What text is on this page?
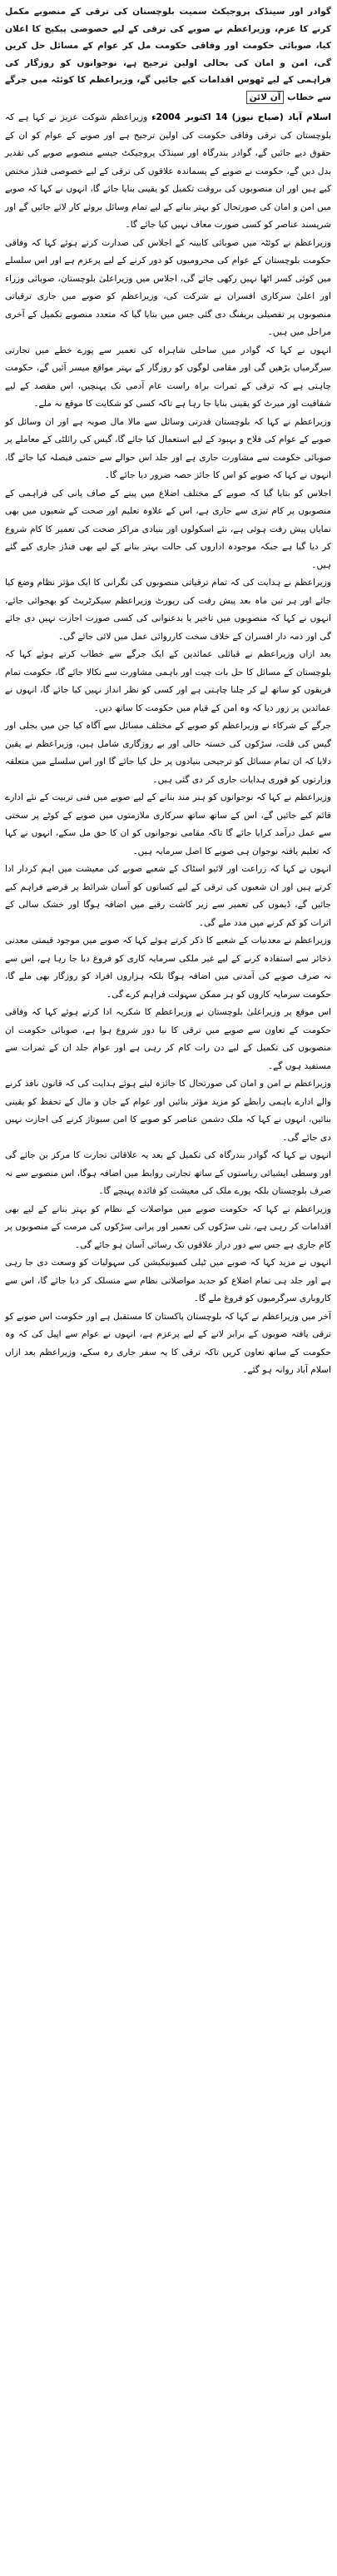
گوادر اور سینڈک پروجیکٹ سمیت بلوچستان کی ترقی کے منصوبے مکمل کرنے کا عزم، وزیراعظم نے صوبے کی ترقی کے لیے خصوصی پیکیج کا اعلان کیا، صوبائی حکومت اور وفاقی حکومت مل کر عوام کے مسائل حل کریں گی، امن و امان کی بحالی اولین ترجیح ہے، نوجوانوں کو روزگار کی فراہمی کے لیے ٹھوس اقدامات کیے جائیں گے، وزیراعظم کا کوئٹہ میں جرگے سے خطاب آن لائن

اسلام آباد (صباح نیوز) 14 اکتوبر 2004ء وزیراعظم شوکت عزیز نے کہا ہے کہ بلوچستان کی ترقی وفاقی حکومت کی اولین ترجیح ہے اور صوبے کے عوام کو ان کے حقوق دیے جائیں گے، گوادر بندرگاہ اور سینڈک پروجیکٹ جیسے منصوبے صوبے کی تقدیر بدل دیں گے، حکومت نے صوبے کے پسماندہ علاقوں کی ترقی کے لیے خصوصی فنڈز مختص کیے ہیں اور ان منصوبوں کی بروقت تکمیل کو یقینی بنایا جائے گا، انہوں نے کہا کہ صوبے میں امن و امان کی صورتحال کو بہتر بنانے کے لیے تمام وسائل بروئے کار لائے جائیں گے اور شرپسند عناصر کو کسی صورت معاف نہیں کیا جائے گا۔

وزیراعظم نے کوئٹہ میں صوبائی کابینہ کے اجلاس کی صدارت کرتے ہوئے کہا کہ وفاقی حکومت بلوچستان کے عوام کی محرومیوں کو دور کرنے کے لیے پرعزم ہے اور اس سلسلے میں کوئی کسر اٹھا نہیں رکھی جائے گی، اجلاس میں وزیراعلیٰ بلوچستان، صوبائی وزراء اور اعلیٰ سرکاری افسران نے شرکت کی، وزیراعظم کو صوبے میں جاری ترقیاتی منصوبوں پر تفصیلی بریفنگ دی گئی جس میں بتایا گیا کہ متعدد منصوبے تکمیل کے آخری مراحل میں ہیں۔

انہوں نے کہا کہ گوادر میں ساحلی شاہراہ کی تعمیر سے پورے خطے میں تجارتی سرگرمیاں بڑھیں گی اور مقامی لوگوں کو روزگار کے بہتر مواقع میسر آئیں گے، حکومت چاہتی ہے کہ ترقی کے ثمرات براہ راست عام آدمی تک پہنچیں، اس مقصد کے لیے شفافیت اور میرٹ کو یقینی بنایا جا رہا ہے تاکہ کسی کو شکایت کا موقع نہ ملے۔

وزیراعظم نے کہا کہ بلوچستان قدرتی وسائل سے مالا مال صوبہ ہے اور ان وسائل کو صوبے کے عوام کی فلاح و بہبود کے لیے استعمال کیا جائے گا، گیس کی رائلٹی کے معاملے پر صوبائی حکومت سے مشاورت جاری ہے اور جلد اس حوالے سے حتمی فیصلہ کیا جائے گا، انہوں نے کہا کہ صوبے کو اس کا جائز حصہ ضرور دیا جائے گا۔

اجلاس کو بتایا گیا کہ صوبے کے مختلف اضلاع میں پینے کے صاف پانی کی فراہمی کے منصوبوں پر کام تیزی سے جاری ہے، اس کے علاوہ تعلیم اور صحت کے شعبوں میں بھی نمایاں پیش رفت ہوئی ہے، نئے اسکولوں اور بنیادی مراکز صحت کی تعمیر کا کام شروع کر دیا گیا ہے جبکہ موجودہ اداروں کی حالت بہتر بنانے کے لیے بھی فنڈز جاری کیے گئے ہیں۔

وزیراعظم نے ہدایت کی کہ تمام ترقیاتی منصوبوں کی نگرانی کا ایک مؤثر نظام وضع کیا جائے اور ہر تین ماہ بعد پیش رفت کی رپورٹ وزیراعظم سیکرٹریٹ کو بھجوائی جائے، انہوں نے کہا کہ منصوبوں میں تاخیر یا بدعنوانی کی کسی صورت اجازت نہیں دی جائے گی اور ذمہ دار افسران کے خلاف سخت کارروائی عمل میں لائی جائے گی۔

بعد ازاں وزیراعظم نے قبائلی عمائدین کے ایک جرگے سے خطاب کرتے ہوئے کہا کہ بلوچستان کے مسائل کا حل بات چیت اور باہمی مشاورت سے نکالا جائے گا، حکومت تمام فریقوں کو ساتھ لے کر چلنا چاہتی ہے اور کسی کو نظر انداز نہیں کیا جائے گا، انہوں نے عمائدین پر زور دیا کہ وہ امن کے قیام میں حکومت کا ساتھ دیں۔

جرگے کے شرکاء نے وزیراعظم کو صوبے کے مختلف مسائل سے آگاہ کیا جن میں بجلی اور گیس کی قلت، سڑکوں کی خستہ حالی اور بے روزگاری شامل ہیں، وزیراعظم نے یقین دلایا کہ ان تمام مسائل کو ترجیحی بنیادوں پر حل کیا جائے گا اور اس سلسلے میں متعلقہ وزارتوں کو فوری ہدایات جاری کر دی گئی ہیں۔

وزیراعظم نے کہا کہ نوجوانوں کو ہنر مند بنانے کے لیے صوبے میں فنی تربیت کے نئے ادارے قائم کیے جائیں گے، اس کے ساتھ ساتھ سرکاری ملازمتوں میں صوبے کے کوٹے پر سختی سے عمل درآمد کرایا جائے گا تاکہ مقامی نوجوانوں کو ان کا حق مل سکے، انہوں نے کہا کہ تعلیم یافتہ نوجوان ہی صوبے کا اصل سرمایہ ہیں۔

انہوں نے کہا کہ زراعت اور لائیو اسٹاک کے شعبے صوبے کی معیشت میں اہم کردار ادا کرتے ہیں اور ان شعبوں کی ترقی کے لیے کسانوں کو آسان شرائط پر قرضے فراہم کیے جائیں گے، ڈیموں کی تعمیر سے زیر کاشت رقبے میں اضافہ ہوگا اور خشک سالی کے اثرات کو کم کرنے میں مدد ملے گی۔

وزیراعظم نے معدنیات کے شعبے کا ذکر کرتے ہوئے کہا کہ صوبے میں موجود قیمتی معدنی ذخائر سے استفادہ کرنے کے لیے غیر ملکی سرمایہ کاری کو فروغ دیا جا رہا ہے، اس سے نہ صرف صوبے کی آمدنی میں اضافہ ہوگا بلکہ ہزاروں افراد کو روزگار بھی ملے گا، حکومت سرمایہ کاروں کو ہر ممکن سہولت فراہم کرے گی۔

اس موقع پر وزیراعلیٰ بلوچستان نے وزیراعظم کا شکریہ ادا کرتے ہوئے کہا کہ وفاقی حکومت کے تعاون سے صوبے میں ترقی کا نیا دور شروع ہوا ہے، صوبائی حکومت ان منصوبوں کی تکمیل کے لیے دن رات کام کر رہی ہے اور عوام جلد ان کے ثمرات سے مستفید ہوں گے۔

وزیراعظم نے امن و امان کی صورتحال کا جائزہ لیتے ہوئے ہدایت کی کہ قانون نافذ کرنے والے ادارے باہمی رابطے کو مزید مؤثر بنائیں اور عوام کے جان و مال کے تحفظ کو یقینی بنائیں، انہوں نے کہا کہ ملک دشمن عناصر کو صوبے کا امن سبوتاژ کرنے کی اجازت نہیں دی جائے گی۔

انہوں نے کہا کہ گوادر بندرگاہ کی تکمیل کے بعد یہ علاقائی تجارت کا مرکز بن جائے گی اور وسطی ایشیائی ریاستوں کے ساتھ تجارتی روابط میں اضافہ ہوگا، اس منصوبے سے نہ صرف بلوچستان بلکہ پورے ملک کی معیشت کو فائدہ پہنچے گا۔

وزیراعظم نے کہا کہ حکومت صوبے میں مواصلات کے نظام کو بہتر بنانے کے لیے بھی اقدامات کر رہی ہے، نئی سڑکوں کی تعمیر اور پرانی سڑکوں کی مرمت کے منصوبوں پر کام جاری ہے جس سے دور دراز علاقوں تک رسائی آسان ہو جائے گی۔

انہوں نے مزید کہا کہ صوبے میں ٹیلی کمیونیکیشن کی سہولیات کو وسعت دی جا رہی ہے اور جلد ہی تمام اضلاع کو جدید مواصلاتی نظام سے منسلک کر دیا جائے گا، اس سے کاروباری سرگرمیوں کو فروغ ملے گا۔

آخر میں وزیراعظم نے کہا کہ بلوچستان پاکستان کا مستقبل ہے اور حکومت اس صوبے کو ترقی یافتہ صوبوں کے برابر لانے کے لیے پرعزم ہے، انہوں نے عوام سے اپیل کی کہ وہ حکومت کے ساتھ تعاون کریں تاکہ ترقی کا یہ سفر جاری رہ سکے، وزیراعظم بعد ازاں اسلام آباد روانہ ہو گئے۔
